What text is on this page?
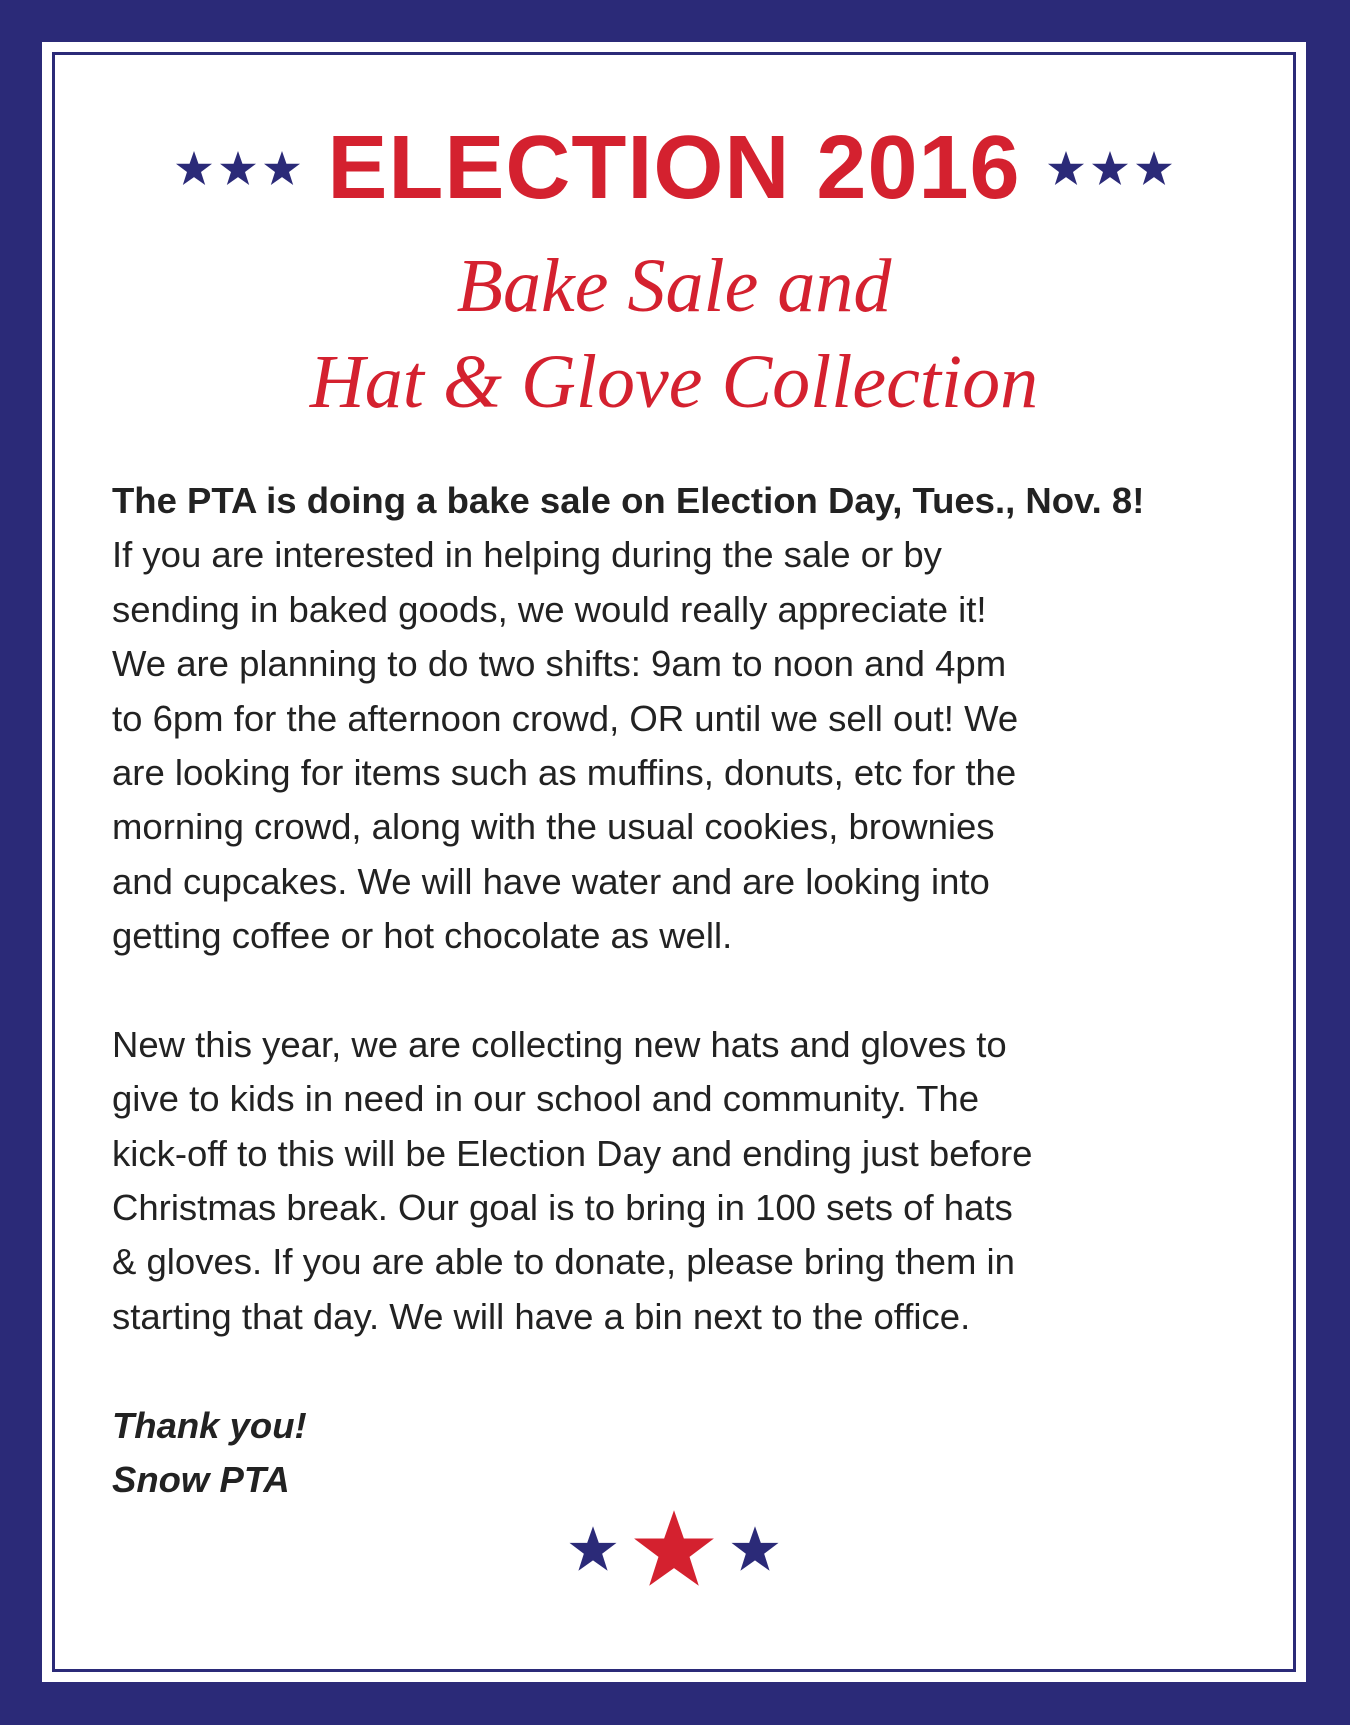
ELECTION 2016
Bake Sale and
Hat & Glove Collection
The PTA is doing a bake sale on Election Day, Tues., Nov. 8!
If you are interested in helping during the sale or by
sending in baked goods, we would really appreciate it!
We are planning to do two shifts: 9am to noon and 4pm
to 6pm for the afternoon crowd, OR until we sell out! We
are looking for items such as muffins, donuts, etc for the
morning crowd, along with the usual cookies, brownies
and cupcakes. We will have water and are looking into
getting coffee or hot chocolate as well.
New this year, we are collecting new hats and gloves to
give to kids in need in our school and community. The
kick-off to this will be Election Day and ending just before
Christmas break. Our goal is to bring in 100 sets of hats
& gloves. If you are able to donate, please bring them in
starting that day. We will have a bin next to the office.
Thank you!
Snow PTA
